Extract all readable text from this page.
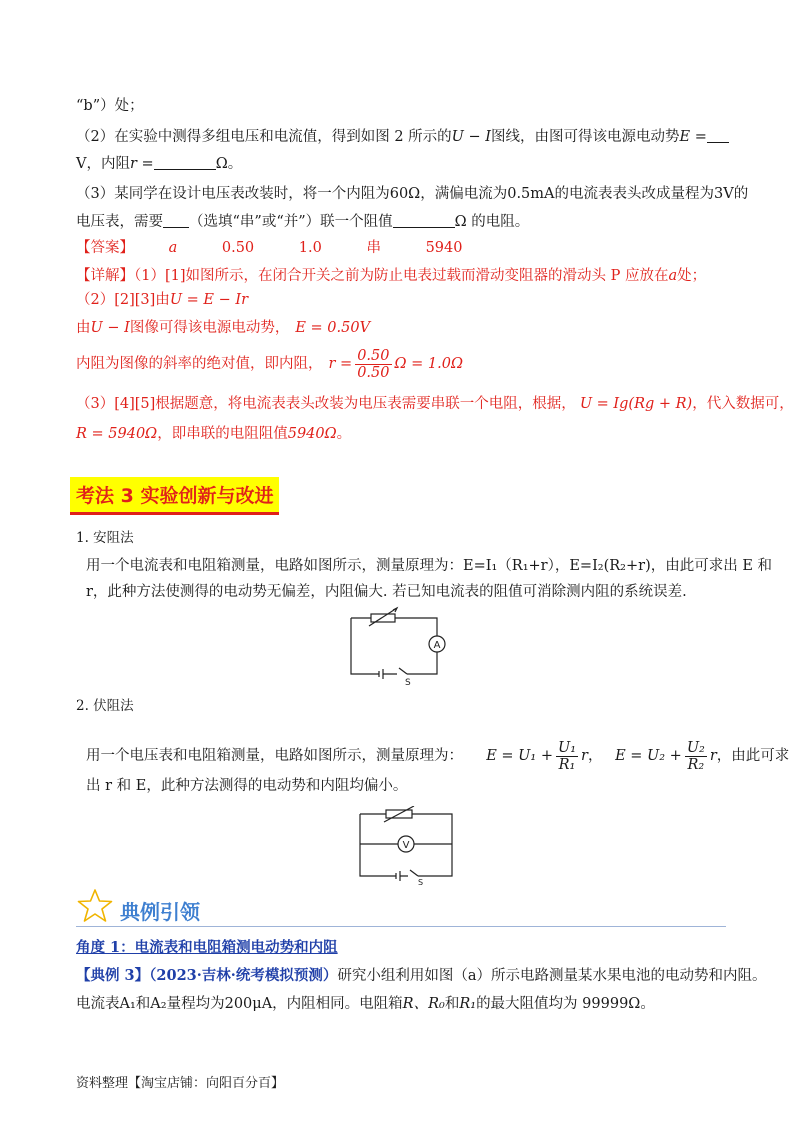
“b”）处；
（2）在实验中测得多组电压和电流值，得到如图 2 所示的U − I图线，由图可得该电源电动势E =
V，内阻r =	Ω。
（3）某同学在设计电压表改装时，将一个内阻为60Ω，满偏电流为0.5mA的电流表表头改成量程为3V的
电压表，需要 （选填“串”或“并”）联一个阻值	Ω 的电阻。
【答案】 a	0.50	1.0	串	5940
【详解】（1）[1]如图所示，在闭合开关之前为防止电表过载而滑动变阻器的滑动头 P 应放在a处；
（2）[2][3]由U = E − Ir
由U − I图像可得该电源电动势， E = 0.50V
内阻为图像的斜率的绝对值，即内阻， $r = \frac{0.50}{0.50}$ Ω = 1.0Ω
（3）[4][5]根据题意，将电流表表头改装为电压表需要串联一个电阻，根据， U = Ig(Rg + R)，代入数据可，
R = 5940Ω，即串联的电阻阻值5940Ω。
考法 3 实验创新与改进
1. 安阻法
用一个电流表和电阻箱测量，电路如图所示，测量原理为：E=I₁（R₁+r），E=I₂(R₂+r)，由此可求出 E 和
r，此种方法使测得的电动势无偏差，内阻偏大. 若已知电流表的阻值可消除测内阻的系统误差.
A
S
2. 伏阻法
用一个电压表和电阻箱测量，电路如图所示，测量原理为： $E = U_1 + \frac{\text{U₁}}{\text{R₁}}$ r， $E = U_2 + \frac{\text{U₂}}{\text{R₂}}$ r，由此可求
出 r 和 E，此种方法测得的电动势和内阻均偏小。
V
S
典例引领
角度 1：电流表和电阻箱测电动势和内阻
【典例 3】（2023·吉林·统考模拟预测）研究小组利用如图（a）所示电路测量某水果电池的电动势和内阻。
电流表A₁和A₂量程均为200μA，内阻相同。电阻箱R、R₀和R₁的最大阻值均为 99999Ω。
资料整理【淘宝店铺：向阳百分百】
